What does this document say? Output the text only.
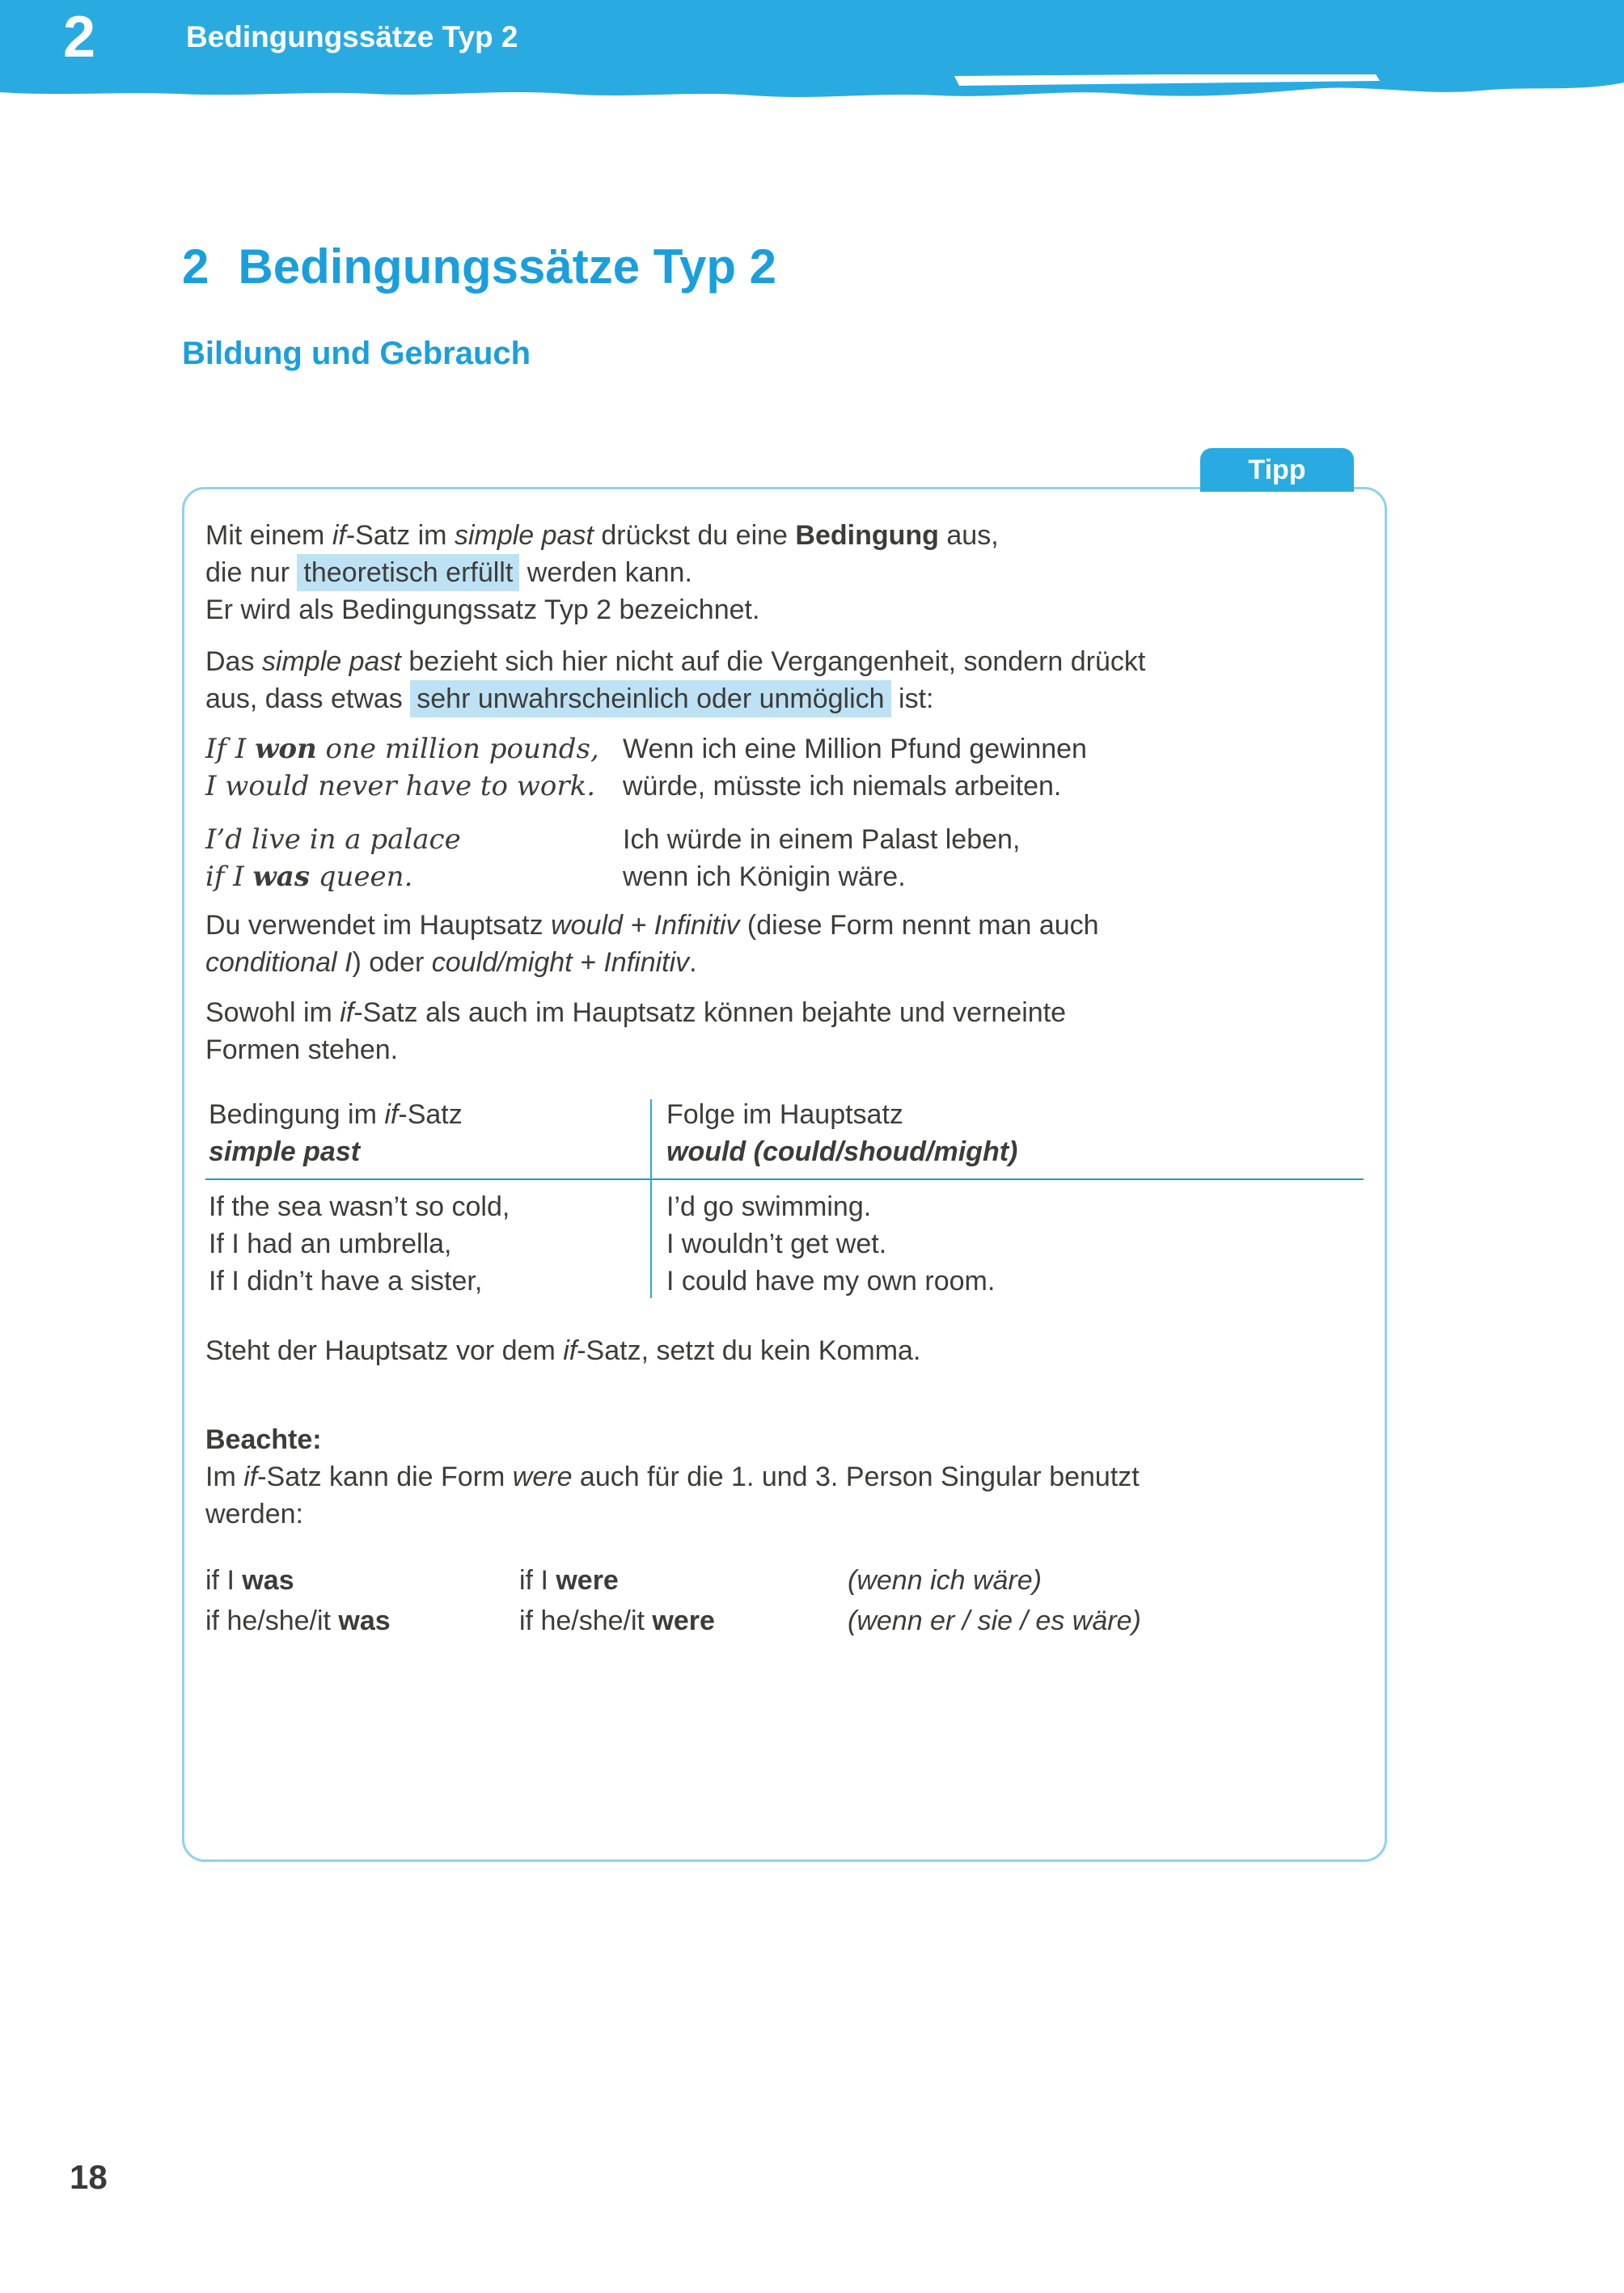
2	Bedingungssätze Typ 2
2 Bedingungssätze Typ 2
Bildung und Gebrauch
Tipp
Mit einem if-Satz im simple past drückst du eine Bedingung aus,
die nur theoretisch erfüllt werden kann.
Er wird als Bedingungssatz Typ 2 bezeichnet.
Das simple past bezieht sich hier nicht auf die Vergangenheit, sondern drückt
aus, dass etwas sehr unwahrscheinlich oder unmöglich ist:
If I won one million pounds,
I would never have to work.
I’d live in a palace
if I was queen.
Wenn ich eine Million Pfund gewinnen
würde, müsste ich niemals arbeiten.
Ich würde in einem Palast leben,
wenn ich Königin wäre.
Du verwendet im Hauptsatz would + Infinitiv (diese Form nennt man auch
conditional I) oder could/might + Infinitiv.
Sowohl im if-Satz als auch im Hauptsatz können bejahte und verneinte
Formen stehen.
Bedingung im if-Satz
simple past
Folge im Hauptsatz
would (could/shoud/might)
If the sea wasn’t so cold,
If I had an umbrella,
If I didn’t have a sister,
I’d go swimming.
I wouldn’t get wet.
I could have my own room.
Steht der Hauptsatz vor dem if-Satz, setzt du kein Komma.
Beachte:
Im if-Satz kann die Form were auch für die 1. und 3. Person Singular benutzt
werden:
if I was
if he/she/it was
if I were
if he/she/it were
(wenn ich wäre)
(wenn er / sie / es wäre)
18
